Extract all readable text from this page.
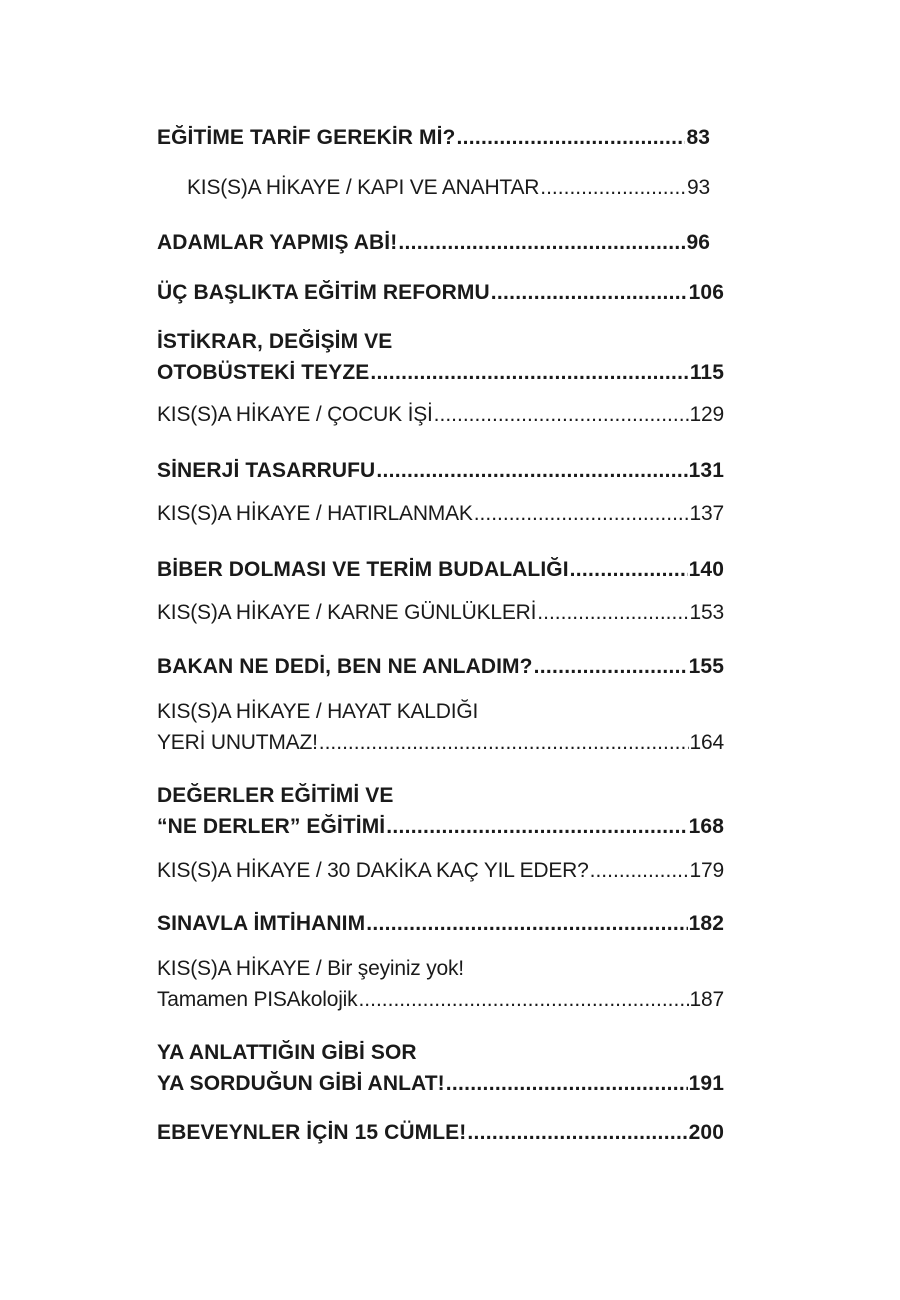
EĞİTİME TARİF GEREKİR Mİ? .....	83
KIS(S)A HİKAYE / KAPI VE ANAHTAR .....	93
ADAMLAR YAPMIŞ ABİ! .....	96
ÜÇ BAŞLIKTA EĞİTİM REFORMU .....	106
İSTİKRAR, DEĞİŞİM VE
OTOBÜSTEKİ TEYZE .....	115
KIS(S)A HİKAYE / ÇOCUK İŞİ .....	129
SİNERJİ TASARRUFU .....	131
KIS(S)A HİKAYE / HATIRLANMAK .....	137
BİBER DOLMASI VE TERİM BUDALALIĞI .....	140
KIS(S)A HİKAYE / KARNE GÜNLÜKLERİ .....	153
BAKAN NE DEDİ, BEN NE ANLADIM? .....	155
KIS(S)A HİKAYE / HAYAT KALDIĞI
YERİ UNUTMAZ! .....	164
DEĞERLER EĞİTİMİ VE
“NE DERLER” EĞİTİMİ .....	168
KIS(S)A HİKAYE / 30 DAKİKA KAÇ YIL EDER? .....	179
SINAVLA İMTİHANIM .....	182
KIS(S)A HİKAYE / Bir şeyiniz yok!
Tamamen PISAkolojik .....	187
YA ANLATTIĞIN GİBİ SOR
YA SORDUĞUN GİBİ ANLAT! .....	191
EBEVEYNLER İÇİN 15 CÜMLE! .....	200
